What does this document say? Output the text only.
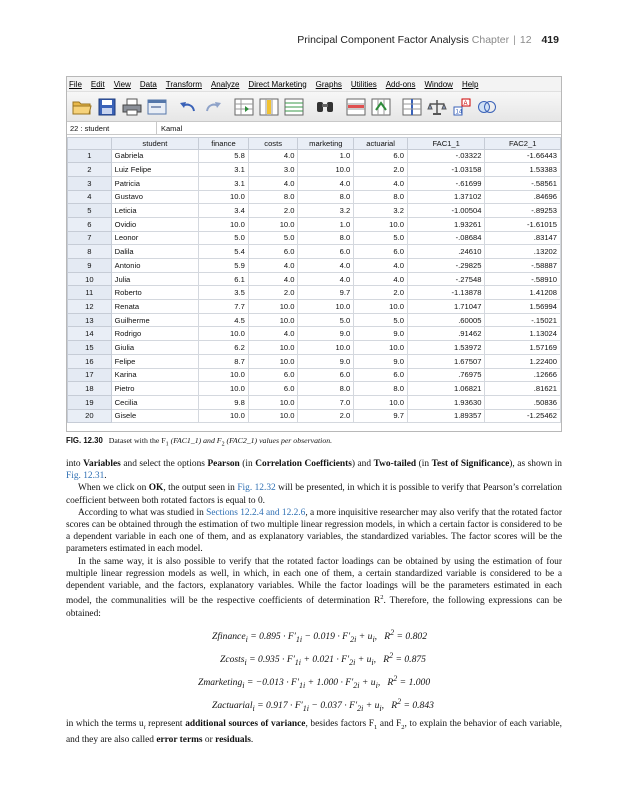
Principal Component Factor Analysis Chapter | 12 419
File Edit View Data Transform Analyze Direct Marketing Graphs Utilities Add-ons Window Help
A
14
22 : student	Kamal
	student	finance	costs	marketing	actuarial	FAC1_1	FAC2_1
1	Gabriela	5.8	4.0	1.0	6.0	-.03322	-1.66443
2	Luiz Felipe	3.1	3.0	10.0	2.0	-1.03158	1.53383
3	Patricia	3.1	4.0	4.0	4.0	-.61699	-.58561
4	Gustavo	10.0	8.0	8.0	8.0	1.37102	.84696
5	Leticia	3.4	2.0	3.2	3.2	-1.00504	-.89253
6	Ovidio	10.0	10.0	1.0	10.0	1.93261	-1.61015
7	Leonor	5.0	5.0	8.0	5.0	-.08684	.83147
8	Dalila	5.4	6.0	6.0	6.0	.24610	.13202
9	Antonio	5.9	4.0	4.0	4.0	-.29825	-.58887
10	Julia	6.1	4.0	4.0	4.0	-.27548	-.58910
11	Roberto	3.5	2.0	9.7	2.0	-1.13878	1.41208
12	Renata	7.7	10.0	10.0	10.0	1.71047	1.56994
13	Guilherme	4.5	10.0	5.0	5.0	.60005	-.15021
14	Rodrigo	10.0	4.0	9.0	9.0	.91462	1.13024
15	Giulia	6.2	10.0	10.0	10.0	1.53972	1.57169
16	Felipe	8.7	10.0	9.0	9.0	1.67507	1.22400
17	Karina	10.0	6.0	6.0	6.0	.76975	.12666
18	Pietro	10.0	6.0	8.0	8.0	1.06821	.81621
19	Cecilia	9.8	10.0	7.0	10.0	1.93630	.50836
20	Gisele	10.0	10.0	2.0	9.7	1.89357	-1.25462
FIG. 12.30 Dataset with the $F_1$ (FAC1_1) and $F_2$ (FAC2_1) values per observation.

into Variables and select the options Pearson (in Correlation Coefficients) and Two-tailed (in Test of Significance), as shown in Fig. 12.31.

When we click on OK, the output seen in Fig. 12.32 will be presented, in which it is possible to verify that Pearson’s correlation coefficient between both rotated factors is equal to 0.

According to what was studied in Sections 12.2.4 and 12.2.6, a more inquisitive researcher may also verify that the rotated factor scores can be obtained through the estimation of two multiple linear regression models, in which a certain factor is considered to be a dependent variable in each one of them, and as explanatory variables, the standardized variables. The factor scores will be the parameters estimated in each model.

In the same way, it is also possible to verify that the rotated factor loadings can be obtained by using the estimation of four multiple linear regression models as well, in which, in each one of them, a certain standardized variable is considered to be a dependent variable, and the factors, explanatory variables. While the factor loadings will be the parameters estimated in each model, the communalities will be the respective coefficients of determination $R^2$. Therefore, the following expressions can be obtained:

Zfinance$_i$ = $0.895 \cdot F'_{1i} - 0.019 \cdot F'_{2i} + u_i$,   $R^2 = 0.802$
Zcosts$_i$ = $0.935 \cdot F'_{1i} + 0.021 \cdot F'_{2i} + u_i$,   $R^2 = 0.875$
Zmarketing$_i$ = $-0.013 \cdot F'_{1i} + 1.000 \cdot F'_{2i} + u_i$,   $R^2 = 1.000$
Zactuarial$_i$ = $0.917 \cdot F'_{1i} - 0.037 \cdot F'_{2i} + u_i$,   $R^2 = 0.843$

in which the terms $u_i$ represent additional sources of variance, besides factors $F_1$ and $F_2$, to explain the behavior of each variable, and they are also called error terms or residuals.
